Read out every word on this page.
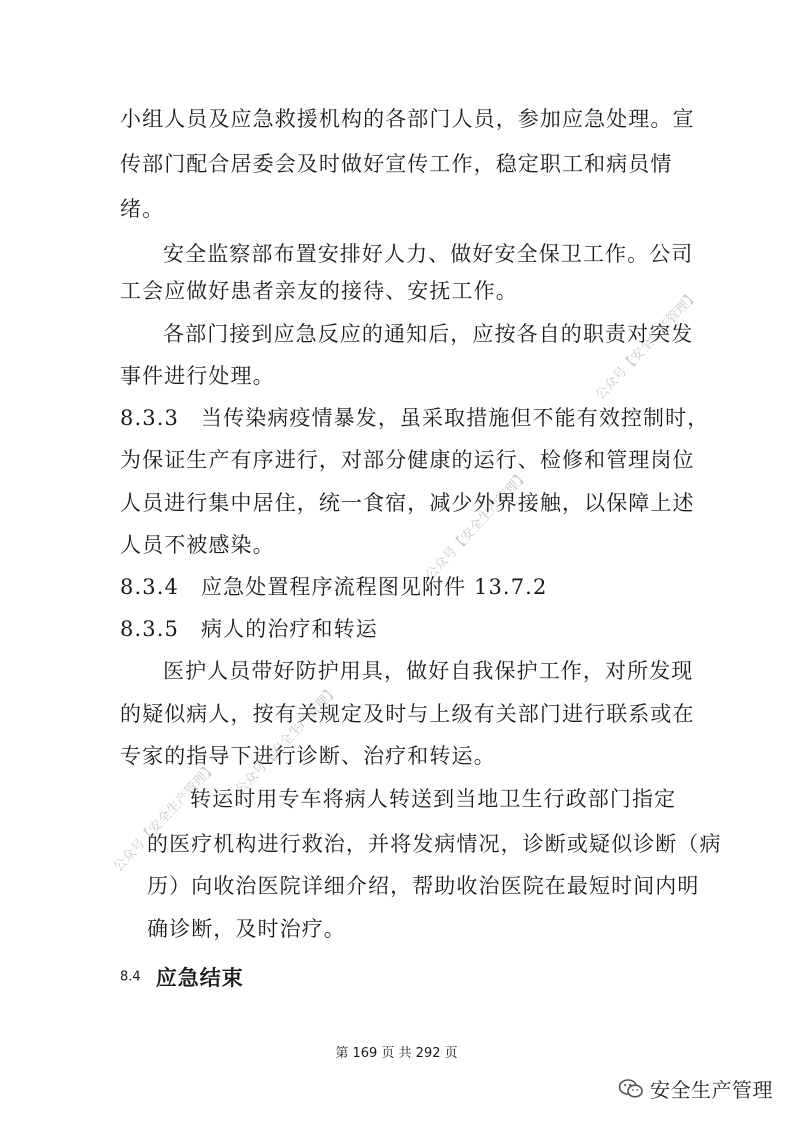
公众号【安全生产管理】
公众号【安全生产管理】
公众号【安全生产管理】
公众号【安全生产管理】
小组人员及应急救援机构的各部门人员，参加应急处理。宣
传部门配合居委会及时做好宣传工作，稳定职工和病员情
绪。
安全监察部布置安排好人力、做好安全保卫工作。公司
工会应做好患者亲友的接待、安抚工作。
各部门接到应急反应的通知后，应按各自的职责对突发
事件进行处理。
8.3.3　当传染病疫情暴发，虽采取措施但不能有效控制时，
为保证生产有序进行，对部分健康的运行、检修和管理岗位
人员进行集中居住，统一食宿，减少外界接触，以保障上述
人员不被感染。
8.3.4　应急处置程序流程图见附件 13.7.2
8.3.5　病人的治疗和转运
医护人员带好防护用具，做好自我保护工作，对所发现
的疑似病人，按有关规定及时与上级有关部门进行联系或在
专家的指导下进行诊断、治疗和转运。
转运时用专车将病人转送到当地卫生行政部门指定
的医疗机构进行救治，并将发病情况，诊断或疑似诊断（病
历）向收治医院详细介绍，帮助收治医院在最短时间内明
确诊断，及时治疗。
8.4 应急结束
第 169 页 共 292 页
安全生产管理
